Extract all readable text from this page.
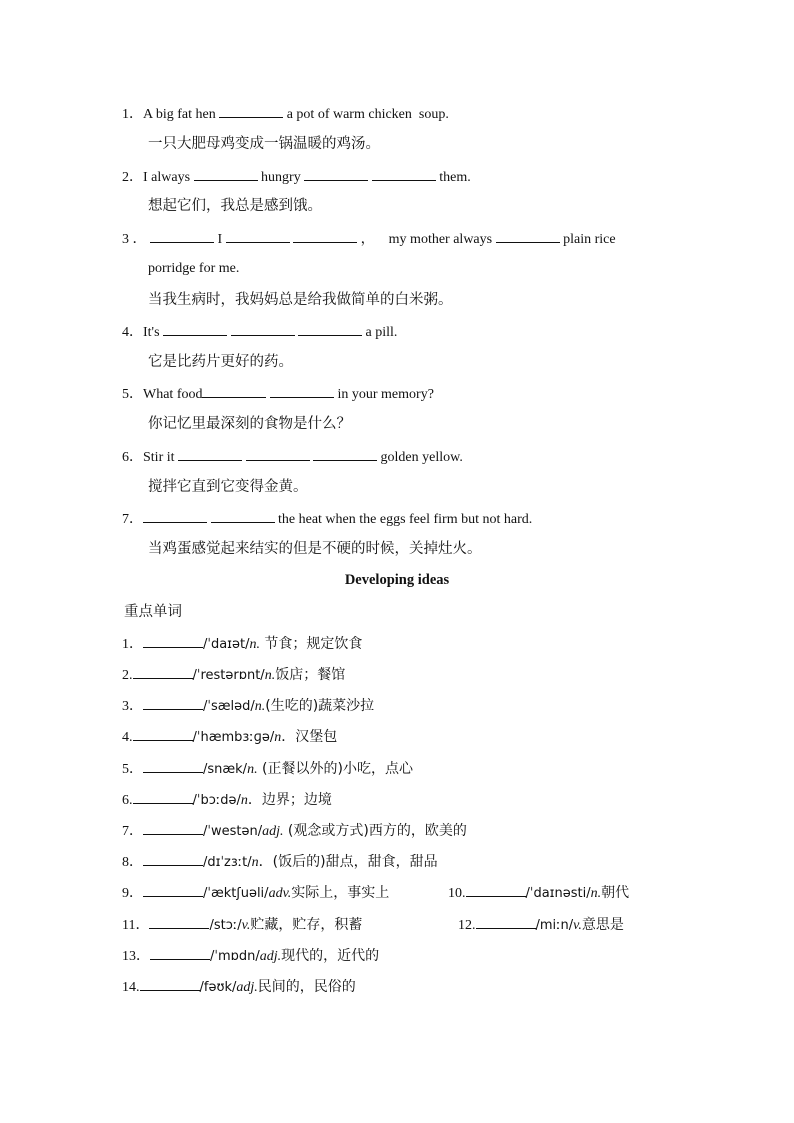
1．A big fat hen	a pot of warm chicken  soup.
一只大肥母鸡变成一锅温暖的鸡汤。
2．I always	hungry	them.
想起它们，我总是感到饿。
3 ．	I	，    my mother always	plain rice
porridge for me.
当我生病时，我妈妈总是给我做简单的白米粥。
4．It's	a pill.
它是比药片更好的药。
5．What food	in your memory?
你记忆里最深刻的食物是什么？
6．Stir it	golden yellow.
搅拌它直到它变得金黄。
7．	the heat when the eggs feel firm but not hard.
当鸡蛋感觉起来结实的但是不硬的时候，关掉灶火。
Developing ideas
重点单词
1．	/ˈdaɪət/n. 节食；规定饮食
2.	/ˈrestərɒnt/n.饭店；餐馆
3．	/ˈsæləd/n.(生吃的)蔬菜沙拉
4.	/ˈhæmbɜːɡə/n．汉堡包
5．	/snæk/n. (正餐以外的)小吃，点心
6.	/ˈbɔːdə/n．边界；边境
7．	/ˈwestən/adj. (观念或方式)西方的，欧美的
8．	/dɪˈzɜːt/n．(饭后的)甜点，甜食，甜品
9．	/ˈæktʃuəli/adv.实际上，事实上	10.	/ˈdaɪnəsti/n.朝代
11．	/stɔː/v.贮藏，贮存，积蓄	12.	/miːn/v.意思是
13．	/ˈmɒdn/adj.现代的，近代的
14.	/fəʊk/adj.民间的，民俗的
